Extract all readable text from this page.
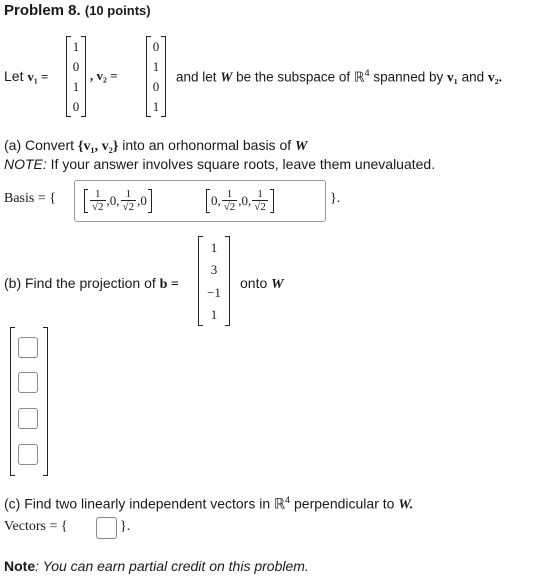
Problem 8. (10 points)
Let v₁ =
1
0
1
0
, v₂ =
0
1
0
1
and let W be the subspace of ℝ$^4$ spanned by v₁ and v₂.
(a) Convert {v₁, v₂} into an orhonormal basis of W
NOTE: If your answer involves square roots, leave them unevaluated.
Basis = {	$\frac{1}{√2} ,0$, $\frac{1}{√2} ,0$	0, $\frac{1}{√2} ,0$, $\frac{1}{√2}$	}.
(b) Find the projection of b =
1
3
−1
1
onto W
(c) Find two linearly independent vectors in ℝ$^4$ perpendicular to W.
Vectors = {	}.
Note: You can earn partial credit on this problem.
